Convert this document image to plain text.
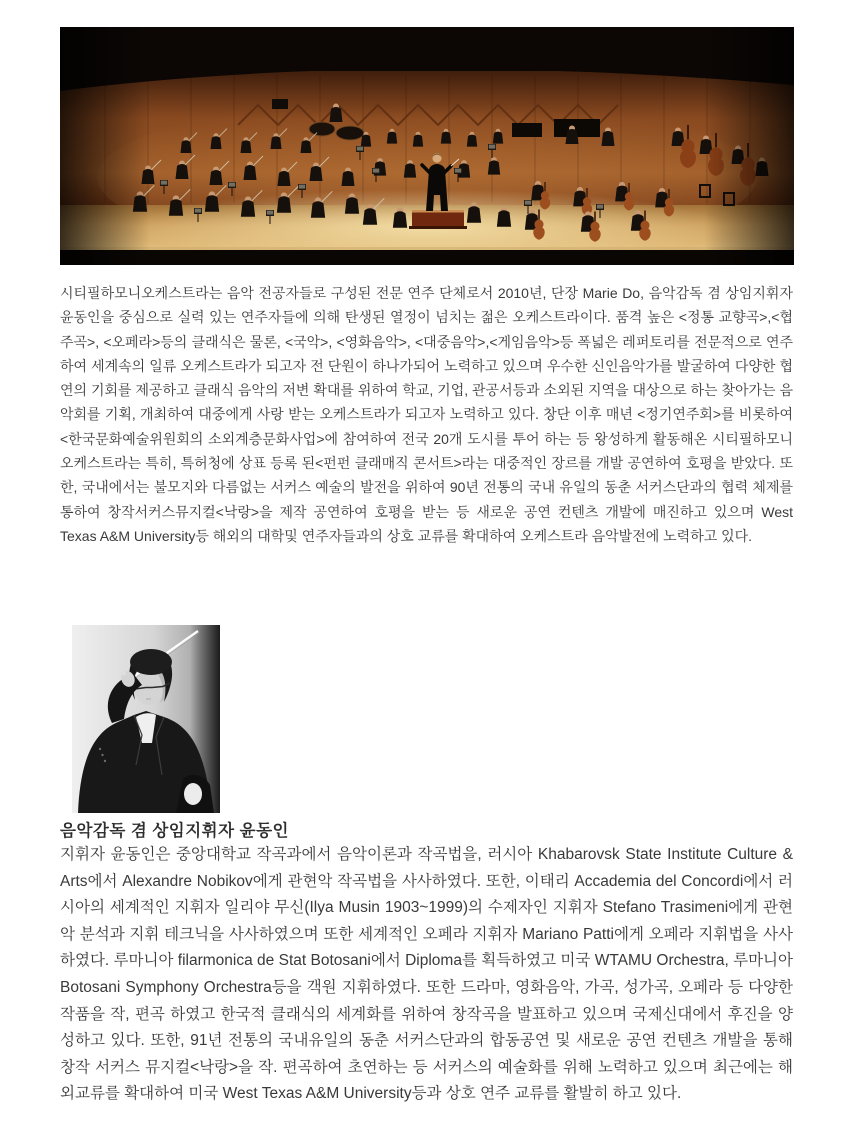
시티필하모니오케스트라는 음악 전공자들로 구성된 전문 연주 단체로서 2010년, 단장 Marie Do, 음악감독 겸 상임지휘자 윤동인을 중심으로 실력 있는 연주자들에 의해 탄생된 열정이 넘치는 젊은 오케스트라이다. 품격 높은 <정통 교향곡>,<협주곡>, <오페라>등의 클래식은 물론, <국악>, <영화음악>, <대중음악>,<게임음악>등 폭넓은 레퍼토리를 전문적으로 연주하여 세계속의 일류 오케스트라가 되고자 전 단원이 하나가되어 노력하고 있으며 우수한 신인음악가를 발굴하여 다양한 협연의 기회를 제공하고 클래식 음악의 저변 확대를 위하여 학교, 기업, 관공서등과 소외된 지역을 대상으로 하는 찾아가는 음악회를 기획, 개최하여 대중에게 사랑 받는 오케스트라가 되고자 노력하고 있다. 창단 이후 매년 <정기연주회>를 비롯하여 <한국문화예술위원회의 소외계층문화사업>에 참여하여 전국 20개 도시를 투어 하는 등 왕성하게 활동해온 시티필하모니오케스트라는 특히, 특허청에 상표 등록 된<펀펀 클래매직 콘서트>라는 대중적인 장르를 개발 공연하여 호평을 받았다. 또한, 국내에서는 불모지와 다름없는 서커스 예술의 발전을 위하여 90년 전통의 국내 유일의 동춘 서커스단과의 협력 체제를 통하여 창작서커스뮤지컬<낙랑>을 제작 공연하여 호평을 받는 등 새로운 공연 컨텐츠 개발에 매진하고 있으며 West Texas A&M University등 해외의 대학및 연주자들과의 상호 교류를 확대하여 오케스트라 음악발전에 노력하고 있다.

음악감독 겸 상임지휘자 윤동인

지휘자 윤동인은 중앙대학교 작곡과에서 음악이론과 작곡법을, 러시아 Khabarovsk State Institute Culture & Arts에서 Alexandre Nobikov에게 관현악 작곡법을 사사하였다. 또한, 이태리 Accademia del Concordi에서 러시아의 세계적인 지휘자 일리야 무신(Ilya Musin 1903~1999)의 수제자인 지휘자 Stefano Trasimeni에게 관현악 분석과 지휘 테크닉을 사사하였으며 또한 세계적인 오페라 지휘자 Mariano Patti에게 오페라 지휘법을 사사하였다. 루마니아 filarmonica de Stat Botosani에서 Diploma를 획득하였고 미국 WTAMU Orchestra, 루마니아 Botosani Symphony Orchestra등을 객원 지휘하였다. 또한 드라마, 영화음악, 가곡, 성가곡, 오페라 등 다양한 작품을 작, 편곡 하였고 한국적 클래식의 세계화를 위하여 창작곡을 발표하고 있으며 국제신대에서 후진을 양성하고 있다. 또한, 91년 전통의 국내유일의 동춘 서커스단과의 합동공연 및 새로운 공연 컨텐츠 개발을 통해 창작 서커스 뮤지컬<낙랑>을 작. 편곡하여 초연하는 등 서커스의 예술화를 위해 노력하고 있으며 최근에는 해외교류를 확대하여 미국 West Texas A&M University등과 상호 연주 교류를 활발히 하고 있다.
